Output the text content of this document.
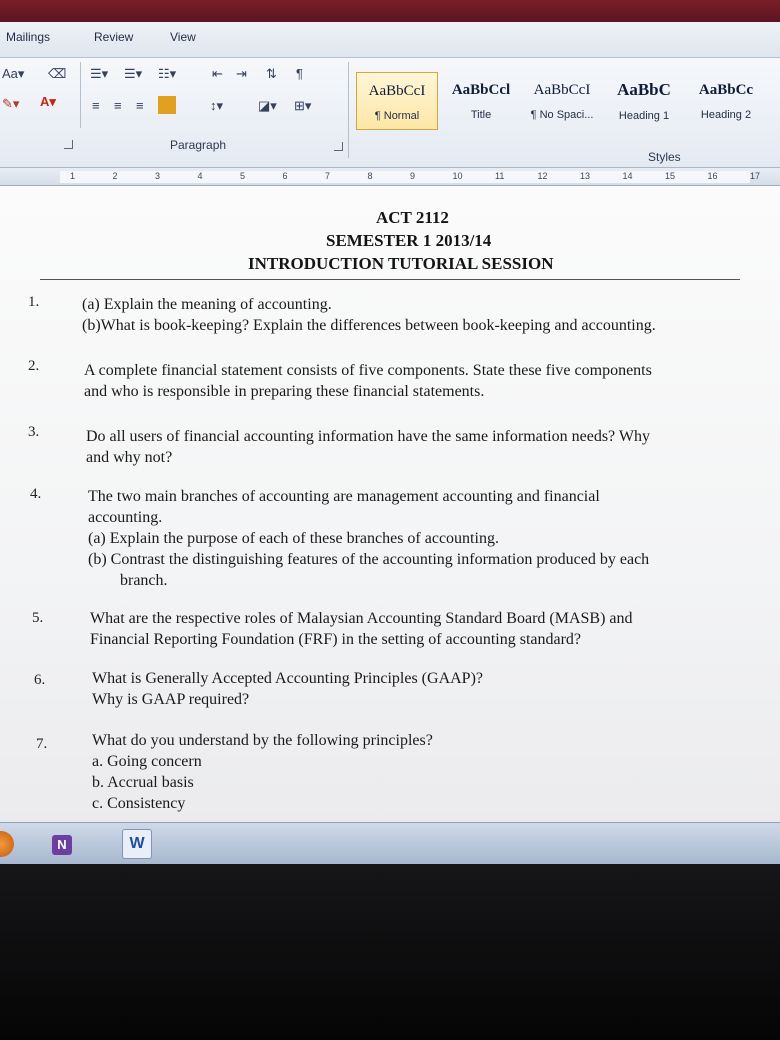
Mailings	Review	View
Aa▾ ⌫
✎▾ A▾
☰▾ ☰▾ ☷▾	⇤ ⇥ ⇅ ¶
≡ ≡ ≡	↕▾	◪▾ ⊞▾
Paragraph
AaBbCcI
¶ Normal
AaBbCcl
Title
AaBbCcI
¶ No Spaci...
AaBbC
Heading 1
AaBbCc
Heading 2
Styles
1	2	3	4	5	6	7	8	9	10	11	12	13	14	15	16	17
ACT 2112
SEMESTER 1 2013/14
INTRODUCTION TUTORIAL SESSION
1.	(a) Explain the meaning of accounting.
(b)What is book-keeping? Explain the differences between book-keeping and accounting.
2.	A complete financial statement consists of five components. State these five components
and who is responsible in preparing these financial statements.
3.	Do all users of financial accounting information have the same information needs? Why
and why not?
4.	The two main branches of accounting are management accounting and financial
accounting.
(a) Explain the purpose of each of these branches of accounting.
(b) Contrast the distinguishing features of the accounting information produced by each
branch.
5.	What are the respective roles of Malaysian Accounting Standard Board (MASB) and
Financial Reporting Foundation (FRF) in the setting of accounting standard?
6.	What is Generally Accepted Accounting Principles (GAAP)?
Why is GAAP required?
7.	What do you understand by the following principles?
a. Going concern
b. Accrual basis
c. Consistency
N	W
